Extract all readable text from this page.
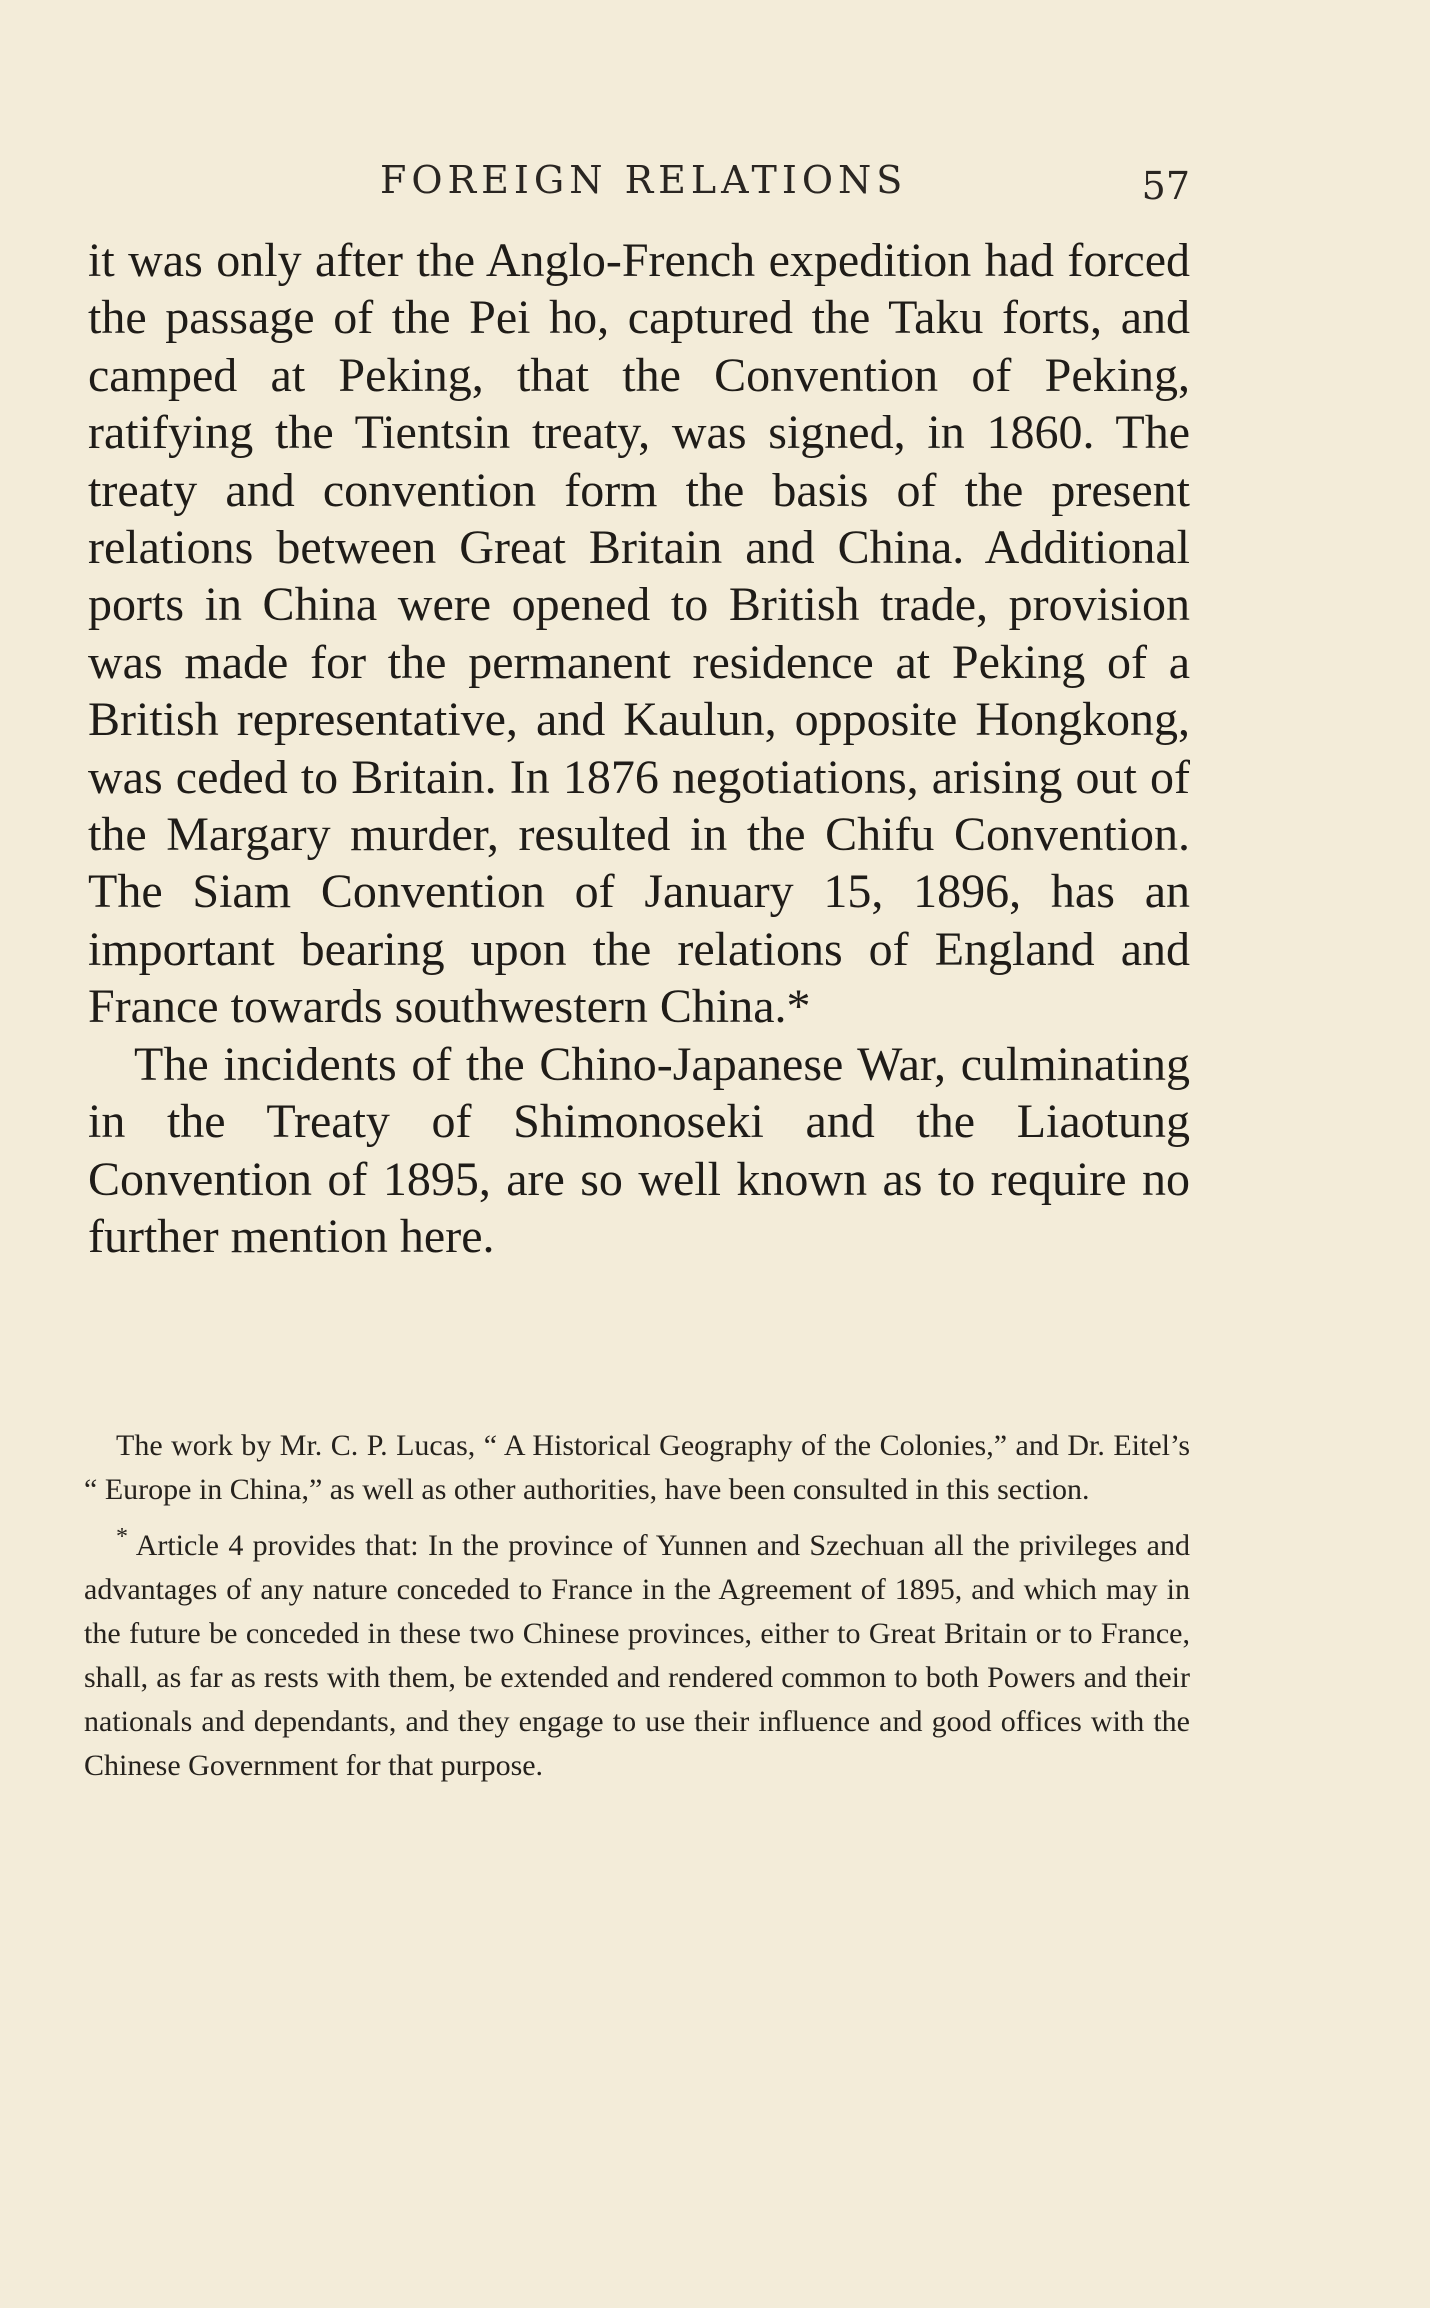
FOREIGN RELATIONS	57

it was only after the Anglo-French expedition had forced the passage of the Pei ho, captured the Taku forts, and camped at Peking, that the Convention of Peking, ratifying the Tientsin treaty, was signed, in 1860. The treaty and convention form the basis of the present relations between Great Britain and China. Additional ports in China were opened to British trade, provision was made for the permanent residence at Peking of a British representative, and Kaulun, opposite Hongkong, was ceded to Britain. In 1876 negotiations, arising out of the Margary murder, resulted in the Chifu Convention. The Siam Convention of January 15, 1896, has an important bearing upon the relations of England and France towards southwestern China.*

The incidents of the Chino-Japanese War, culminating in the Treaty of Shimonoseki and the Liaotung Convention of 1895, are so well known as to require no further mention here.

The work by Mr. C. P. Lucas, “ A Historical Geography of the Colonies,” and Dr. Eitel’s “ Europe in China,” as well as other authorities, have been consulted in this section.

* Article 4 provides that: In the province of Yunnen and Szechuan all the privileges and advantages of any nature conceded to France in the Agreement of 1895, and which may in the future be conceded in these two Chinese provinces, either to Great Britain or to France, shall, as far as rests with them, be extended and rendered common to both Powers and their nationals and dependants, and they engage to use their influence and good offices with the Chinese Government for that purpose.
